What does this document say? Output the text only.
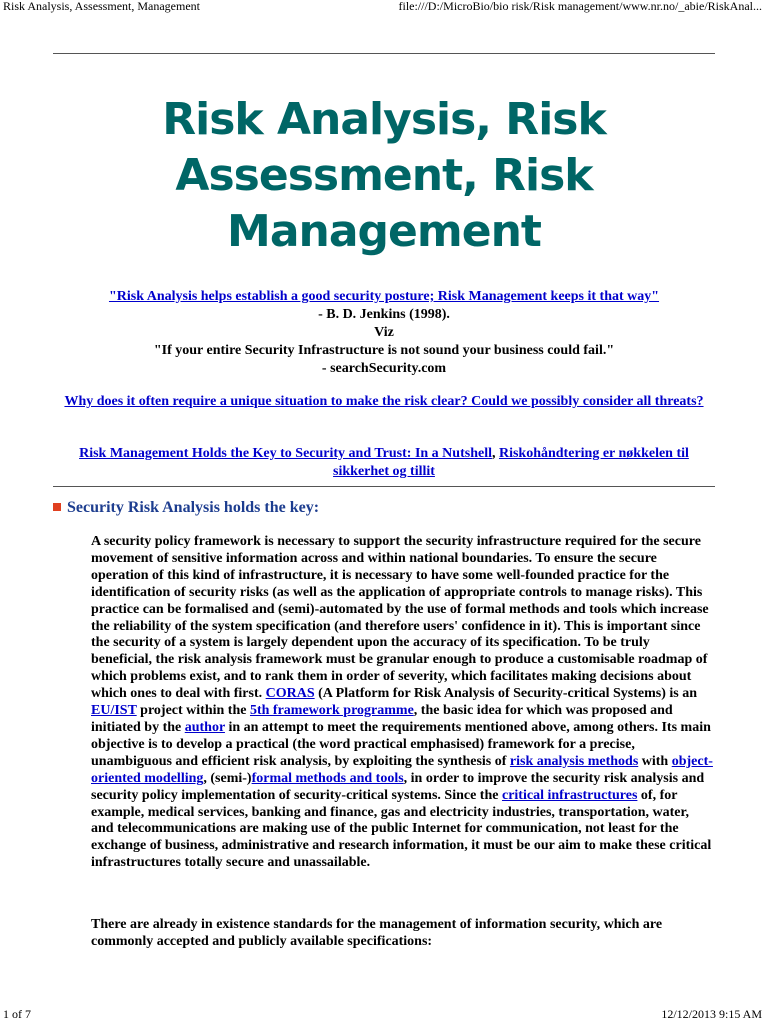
Risk Analysis, Assessment, Management	file:///D:/MicroBio/bio risk/Risk management/www.nr.no/_abie/RiskAnal...
Risk Analysis, Risk Assessment, Risk Management
"Risk Analysis helps establish a good security posture; Risk Management keeps it that way"
- B. D. Jenkins (1998).
Viz
"If your entire Security Infrastructure is not sound your business could fail."
- searchSecurity.com
Why does it often require a unique situation to make the risk clear? Could we possibly consider all threats?
Risk Management Holds the Key to Security and Trust: In a Nutshell, Riskohåndtering er nøkkelen til sikkerhet og tillit
Security Risk Analysis holds the key:
A security policy framework is necessary to support the security infrastructure required for the secure movement of sensitive information across and within national boundaries. To ensure the secure operation of this kind of infrastructure, it is necessary to have some well-founded practice for the identification of security risks (as well as the application of appropriate controls to manage risks). This practice can be formalised and (semi)-automated by the use of formal methods and tools which increase the reliability of the system specification (and therefore users' confidence in it). This is important since the security of a system is largely dependent upon the accuracy of its specification. To be truly beneficial, the risk analysis framework must be granular enough to produce a customisable roadmap of which problems exist, and to rank them in order of severity, which facilitates making decisions about which ones to deal with first. CORAS (A Platform for Risk Analysis of Security-critical Systems) is an EU/IST project within the 5th framework programme, the basic idea for which was proposed and initiated by the author in an attempt to meet the requirements mentioned above, among others. Its main objective is to develop a practical (the word practical emphasised) framework for a precise, unambiguous and efficient risk analysis, by exploiting the synthesis of risk analysis methods with object-oriented modelling, (semi-)formal methods and tools, in order to improve the security risk analysis and security policy implementation of security-critical systems. Since the critical infrastructures of, for example, medical services, banking and finance, gas and electricity industries, transportation, water, and telecommunications are making use of the public Internet for communication, not least for the exchange of business, administrative and research information, it must be our aim to make these critical infrastructures totally secure and unassailable.
There are already in existence standards for the management of information security, which are commonly accepted and publicly available specifications:
1 of 7	12/12/2013 9:15 AM
